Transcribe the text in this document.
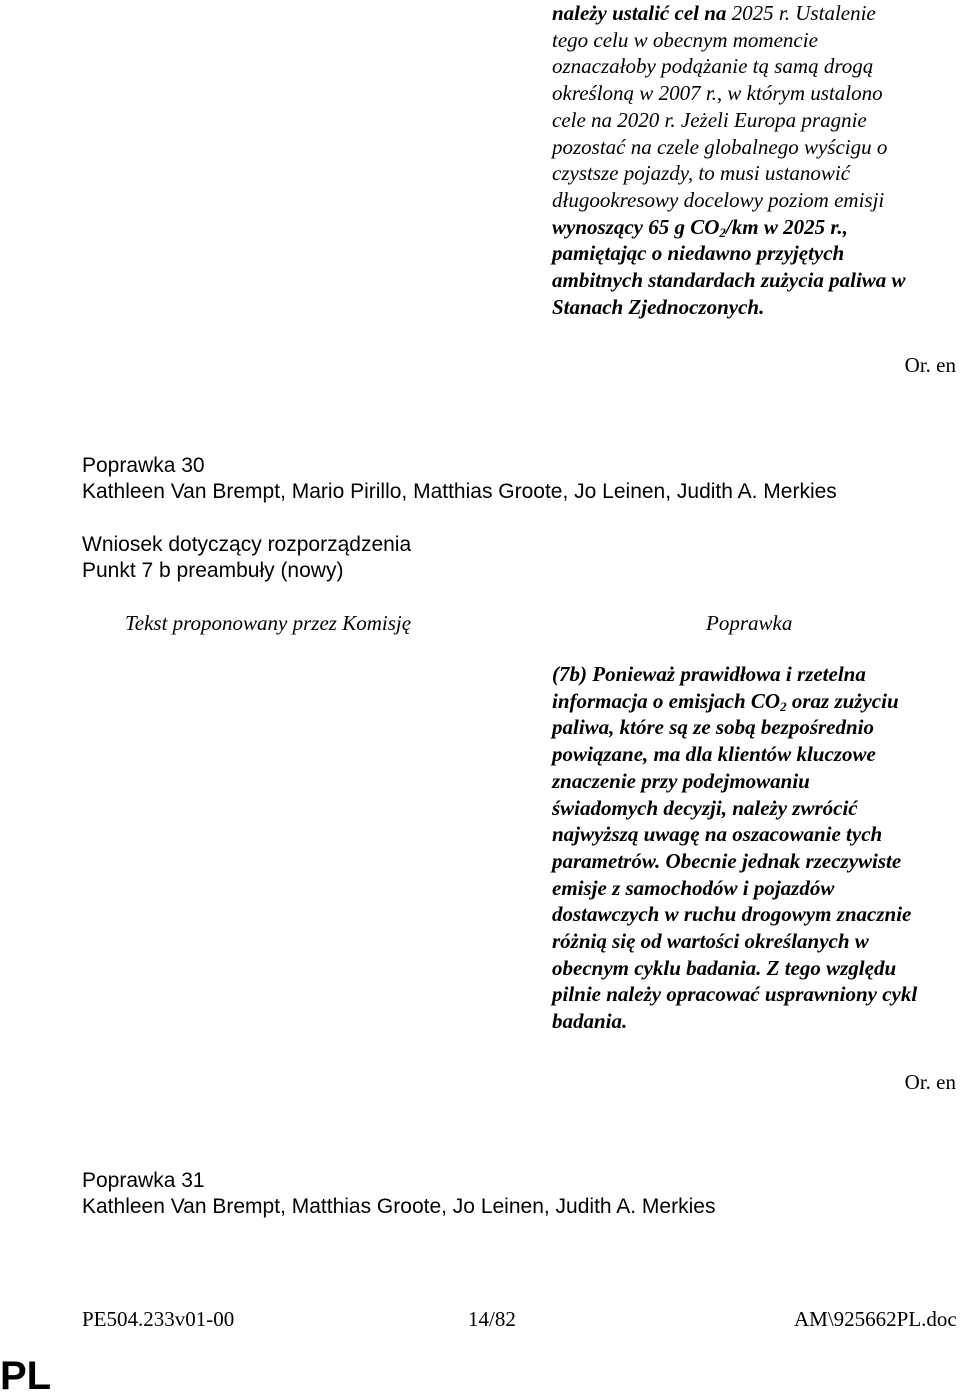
należy ustalić cel na 2025 r. Ustalenie
tego celu w obecnym momencie
oznaczałoby podążanie tą samą drogą
określoną w 2007 r., w którym ustalono
cele na 2020 r. Jeżeli Europa pragnie
pozostać na czele globalnego wyścigu o
czystsze pojazdy, to musi ustanowić
długookresowy docelowy poziom emisji
wynoszący 65 g $CO_2/km$ w 2025 r.,
pamiętając o niedawno przyjętych
ambitnych standardach zużycia paliwa w
Stanach Zjednoczonych.
Or. en
Poprawka 30
Kathleen Van Brempt, Mario Pirillo, Matthias Groote, Jo Leinen, Judith A. Merkies
Wniosek dotyczący rozporządzenia
Punkt 7 b preambuły (nowy)
Tekst proponowany przez Komisję	Poprawka
(7b) Ponieważ prawidłowa i rzetelna
informacja o emisjach $CO_2$ oraz zużyciu
paliwa, które są ze sobą bezpośrednio
powiązane, ma dla klientów kluczowe
znaczenie przy podejmowaniu
świadomych decyzji, należy zwrócić
najwyższą uwagę na oszacowanie tych
parametrów. Obecnie jednak rzeczywiste
emisje z samochodów i pojazdów
dostawczych w ruchu drogowym znacznie
różnią się od wartości określanych w
obecnym cyklu badania. Z tego względu
pilnie należy opracować usprawniony cykl
badania.
Or. en
Poprawka 31
Kathleen Van Brempt, Matthias Groote, Jo Leinen, Judith A. Merkies
PE504.233v01-00	14/82	AM\925662PL.doc
PL
